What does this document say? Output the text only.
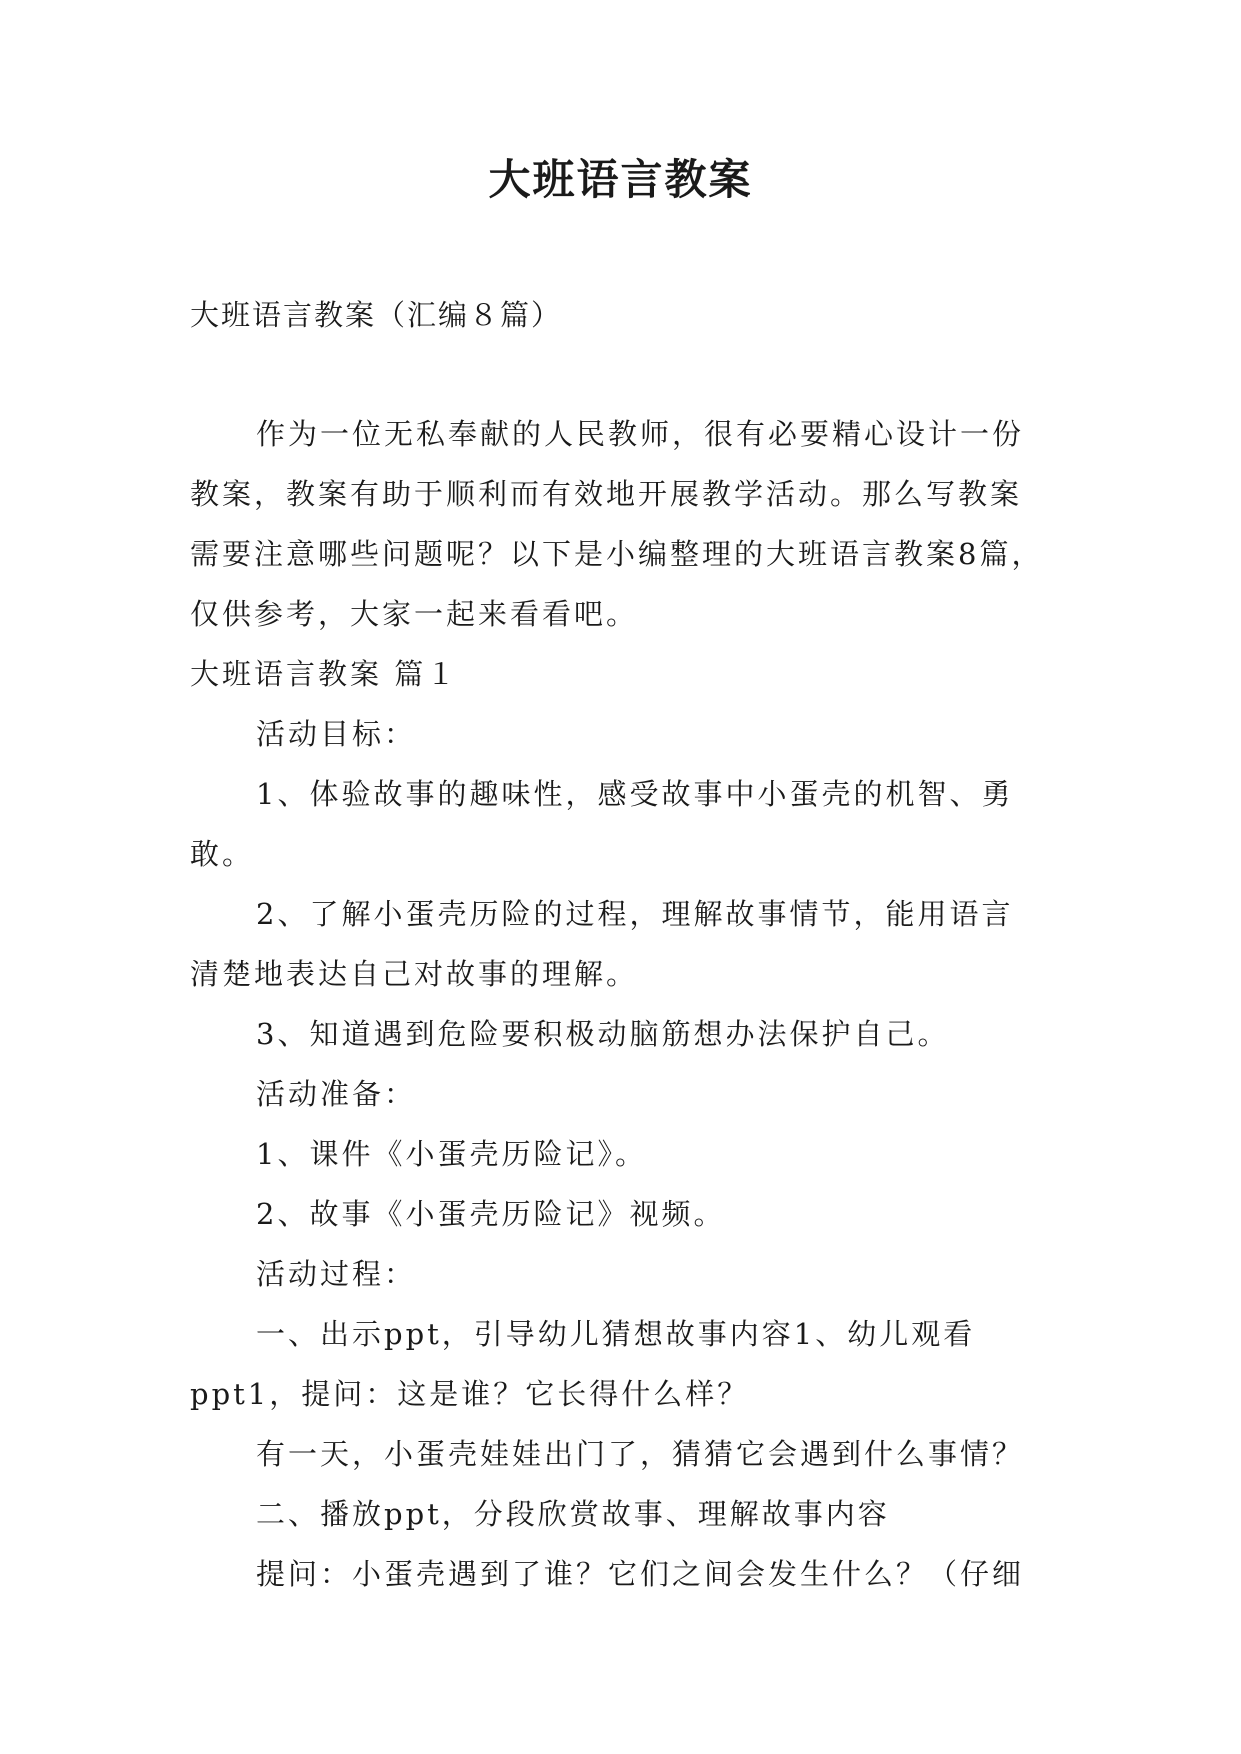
大班语言教案
大班语言教案（汇编８篇）
作为一位无私奉献的人民教师，很有必要精心设计一份
教案，教案有助于顺利而有效地开展教学活动。那么写教案
需要注意哪些问题呢？以下是小编整理的大班语言教案8篇，
仅供参考，大家一起来看看吧。
大班语言教案 篇１
活动目标：
1、体验故事的趣味性，感受故事中小蛋壳的机智、勇
敢。
2、了解小蛋壳历险的过程，理解故事情节，能用语言
清楚地表达自己对故事的理解。
3、知道遇到危险要积极动脑筋想办法保护自己。
活动准备：
1、课件《小蛋壳历险记》。
2、故事《小蛋壳历险记》视频。
活动过程：
一、出示ppt，引导幼儿猜想故事内容1、幼儿观看
ppt1，提问：这是谁？它长得什么样？
有一天，小蛋壳娃娃出门了，猜猜它会遇到什么事情？
二、播放ppt，分段欣赏故事、理解故事内容
提问：小蛋壳遇到了谁？它们之间会发生什么？（仔细
